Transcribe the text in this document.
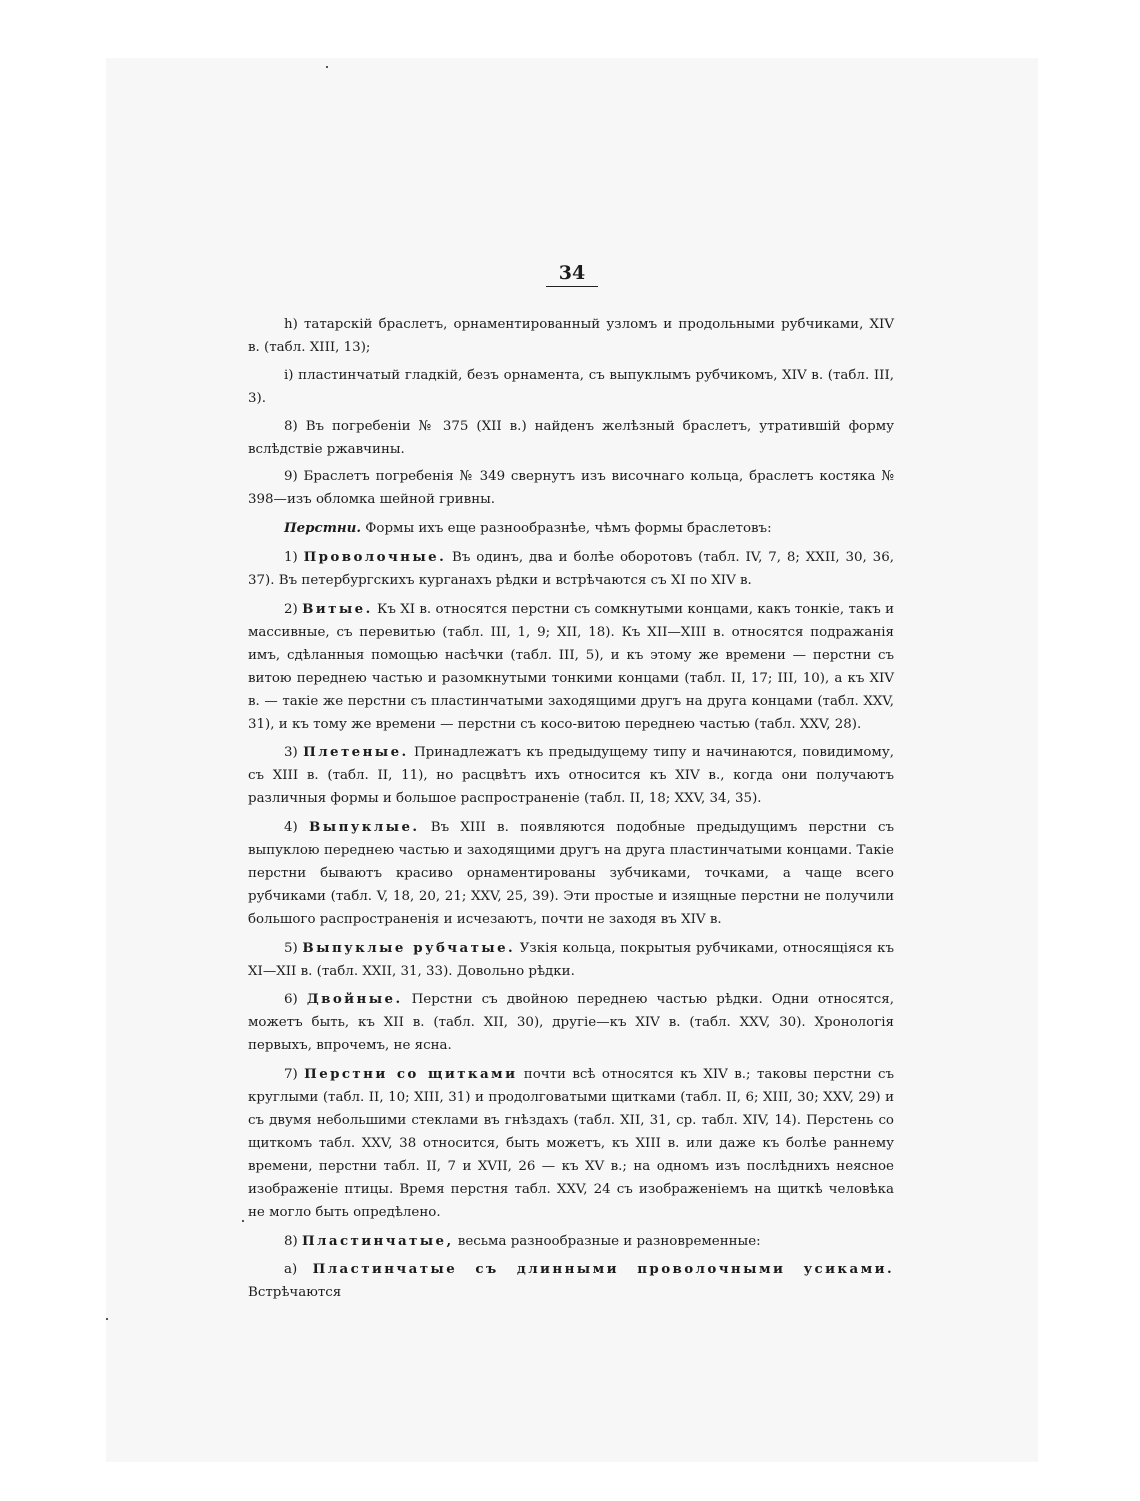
34

h) татарскій браслетъ, орнаментированный узломъ и продольными рубчиками, XIV в. (табл. XIII, 13);

i) пластинчатый гладкій, безъ орнамента, съ выпуклымъ рубчикомъ, XIV в. (табл. III, 3).

8) Въ погребеніи № 375 (XII в.) найденъ желѣзный браслетъ, утратившій форму вслѣдствіе ржавчины.

9) Браслетъ погребенія № 349 свернутъ изъ височнаго кольца, браслетъ костяка № 398—изъ обломка шейной гривны.

Перстни. Формы ихъ еще разнообразнѣе, чѣмъ формы браслетовъ:

1) Проволочные. Въ одинъ, два и болѣе оборотовъ (табл. IV, 7, 8; XXII, 30, 36, 37). Въ петербургскихъ курганахъ рѣдки и встрѣчаются съ XI по XIV в.

2) Витые. Къ XI в. относятся перстни съ сомкнутыми концами, какъ тонкіе, такъ и массивные, съ перевитью (табл. III, 1, 9; XII, 18). Къ XII—XIII в. относятся подражанія имъ, сдѣланныя помощью насѣчки (табл. III, 5), и къ этому же времени — перстни съ витою переднею частью и разомкнутыми тонкими концами (табл. II, 17; III, 10), а къ XIV в. — такіе же перстни съ пластинчатыми заходящими другъ на друга концами (табл. XXV, 31), и къ тому же времени — перстни съ косо-витою переднею частью (табл. XXV, 28).

3) Плетеные. Принадлежатъ къ предыдущему типу и начинаются, повидимому, съ XIII в. (табл. II, 11), но расцвѣтъ ихъ относится къ XIV в., когда они получаютъ различныя формы и большое распространеніе (табл. II, 18; XXV, 34, 35).

4) Выпуклые. Въ XIII в. появляются подобные предыдущимъ перстни съ выпуклою переднею частью и заходящими другъ на друга пластинчатыми концами. Такіе перстни бываютъ красиво орнаментированы зубчиками, точками, а чаще всего рубчиками (табл. V, 18, 20, 21; XXV, 25, 39). Эти простые и изящные перстни не получили большого распространенія и исчезаютъ, почти не заходя въ XIV в.

5) Выпуклые рубчатые. Узкія кольца, покрытыя рубчиками, относящіяся къ XI—XII в. (табл. XXII, 31, 33). Довольно рѣдки.

6) Двойные. Перстни съ двойною переднею частью рѣдки. Одни относятся, можетъ быть, къ XII в. (табл. XII, 30), другіе—къ XIV в. (табл. XXV, 30). Хронологія первыхъ, впрочемъ, не ясна.

7) Перстни со щитками почти всѣ относятся къ XIV в.; таковы перстни съ круглыми (табл. II, 10; XIII, 31) и продолговатыми щитками (табл. II, 6; XIII, 30; XXV, 29) и съ двумя небольшими стеклами въ гнѣздахъ (табл. XII, 31, ср. табл. XIV, 14). Перстень со щиткомъ табл. XXV, 38 относится, быть можетъ, къ XIII в. или даже къ болѣе раннему времени, перстни табл. II, 7 и XVII, 26 — къ XV в.; на одномъ изъ послѣднихъ неясное изображеніе птицы. Время перстня табл. XXV, 24 съ изображеніемъ на щиткѣ человѣка не могло быть опредѣлено.

8) Пластинчатые, весьма разнообразные и разновременные:

a) Пластинчатые съ длинными проволочными усиками. Встрѣчаются
